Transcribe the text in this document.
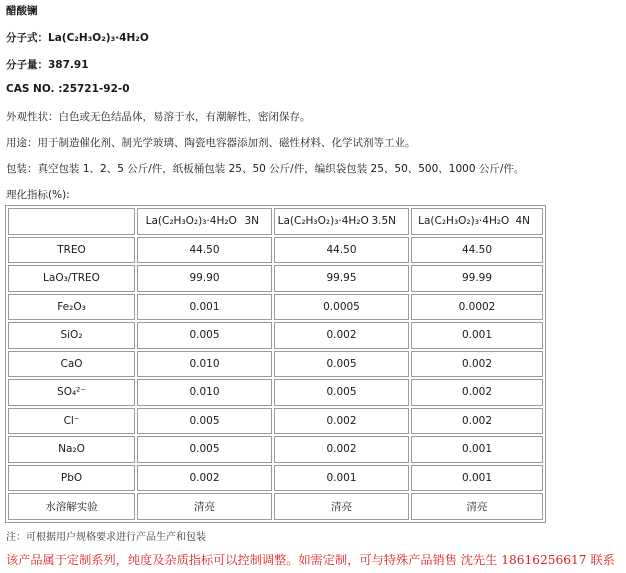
醋酸镧
分子式：La(C₂H₃O₂)₃·4H₂O
分子量：387.91
CAS NO. :25721-92-0
外观性状：白色或无色结晶体，易溶于水，有潮解性，密闭保存。
用途：用于制造催化剂、制光学玻璃、陶瓷电容器添加剂、磁性材料、化学试剂等工业。
包装：真空包装 1、2、5 公斤/件，纸板桶包装 25、50 公斤/件，编织袋包装 25、50、500、1000 公斤/件。
理化指标(%):
	La(C₂H₃O₂)₃·4H₂O 3N	La(C₂H₃O₂)₃·4H₂O 3.5N	La(C₂H₃O₂)₃·4H₂O 4N

TREO	44.50	44.50	44.50
LaO₃/TREO	99.90	99.95	99.99
Fe₂O₃	0.001	0.0005	0.0002
SiO₂	0.005	0.002	0.001
CaO	0.010	0.005	0.002
SO₄²⁻	0.010	0.005	0.002
Cl⁻	0.005	0.002	0.002
Na₂O	0.005	0.002	0.001
PbO	0.002	0.001	0.001
水溶解实验	清亮	清亮	清亮
注：可根据用户规格要求进行产品生产和包装
该产品属于定制系列，纯度及杂质指标可以控制调整。如需定制，可与特殊产品销售 沈先生 18616256617 联系
